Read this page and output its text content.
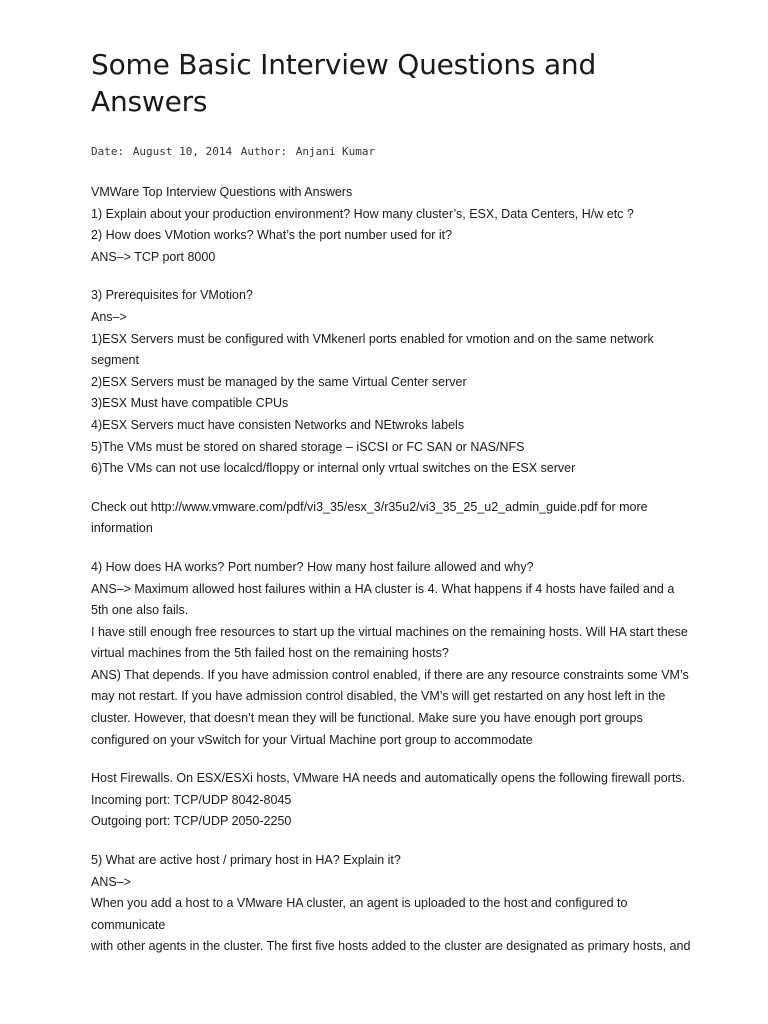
Some Basic Interview Questions and
Answers
Date: August 10, 2014 Author: Anjani Kumar
VMWare Top Interview Questions with Answers
1) Explain about your production environment? How many cluster’s, ESX, Data Centers, H/w etc ?
2) How does VMotion works? What’s the port number used for it?
ANS–> TCP port 8000
3) Prerequisites for VMotion?
Ans–>
1)ESX Servers must be configured with VMkenerl ports enabled for vmotion and on the same network segment
2)ESX Servers must be managed by the same Virtual Center server
3)ESX Must have compatible CPUs
4)ESX Servers muct have consisten Networks and NEtwroks labels
5)The VMs must be stored on shared storage – iSCSI or FC SAN or NAS/NFS
6)The VMs can not use localcd/floppy or internal only vrtual switches on the ESX server
Check out http://www.vmware.com/pdf/vi3_35/esx_3/r35u2/vi3_35_25_u2_admin_guide.pdf for more information
4) How does HA works? Port number? How many host failure allowed and why?
ANS–> Maximum allowed host failures within a HA cluster is 4. What happens if 4 hosts have failed and a 5th one also fails.
I have still enough free resources to start up the virtual machines on the remaining hosts. Will HA start these virtual machines from the 5th failed host on the remaining hosts?
ANS) That depends. If you have admission control enabled, if there are any resource constraints some VM’s may not restart. If you have admission control disabled, the VM’s will get restarted on any host left in the cluster. However, that doesn’t mean they will be functional. Make sure you have enough port groups configured on your vSwitch for your Virtual Machine port group to accommodate
Host Firewalls. On ESX/ESXi hosts, VMware HA needs and automatically opens the following firewall ports.
Incoming port: TCP/UDP 8042-8045
Outgoing port: TCP/UDP 2050-2250
5) What are active host / primary host in HA? Explain it?
ANS–>
When you add a host to a VMware HA cluster, an agent is uploaded to the host and configured to communicate
with other agents in the cluster. The first five hosts added to the cluster are designated as primary hosts, and
